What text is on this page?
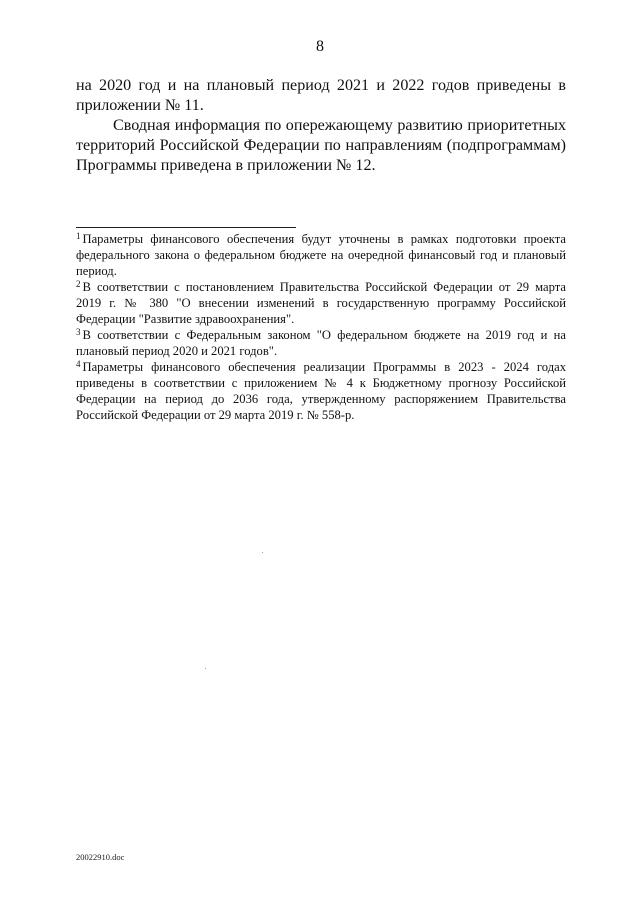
8

на 2020 год и на плановый период 2021 и 2022 годов приведены в приложении № 11.

Сводная информация по опережающему развитию приоритетных территорий Российской Федерации по направлениям (подпрограммам) Программы приведена в приложении № 12.

$^1$ Параметры финансового обеспечения будут уточнены в рамках подготовки проекта федерального закона о федеральном бюджете на очередной финансовый год и плановый период.

$^2$ В соответствии с постановлением Правительства Российской Федерации от 29 марта 2019 г. № 380 "О внесении изменений в государственную программу Российской Федерации "Развитие здравоохранения".

$^3$ В соответствии с Федеральным законом "О федеральном бюджете на 2019 год и на плановый период 2020 и 2021 годов".

$^4$ Параметры финансового обеспечения реализации Программы в 2023 - 2024 годах приведены в соответствии с приложением № 4 к Бюджетному прогнозу Российской Федерации на период до 2036 года, утвержденному распоряжением Правительства Российской Федерации от 29 марта 2019 г. № 558-р.

20022910.doc
